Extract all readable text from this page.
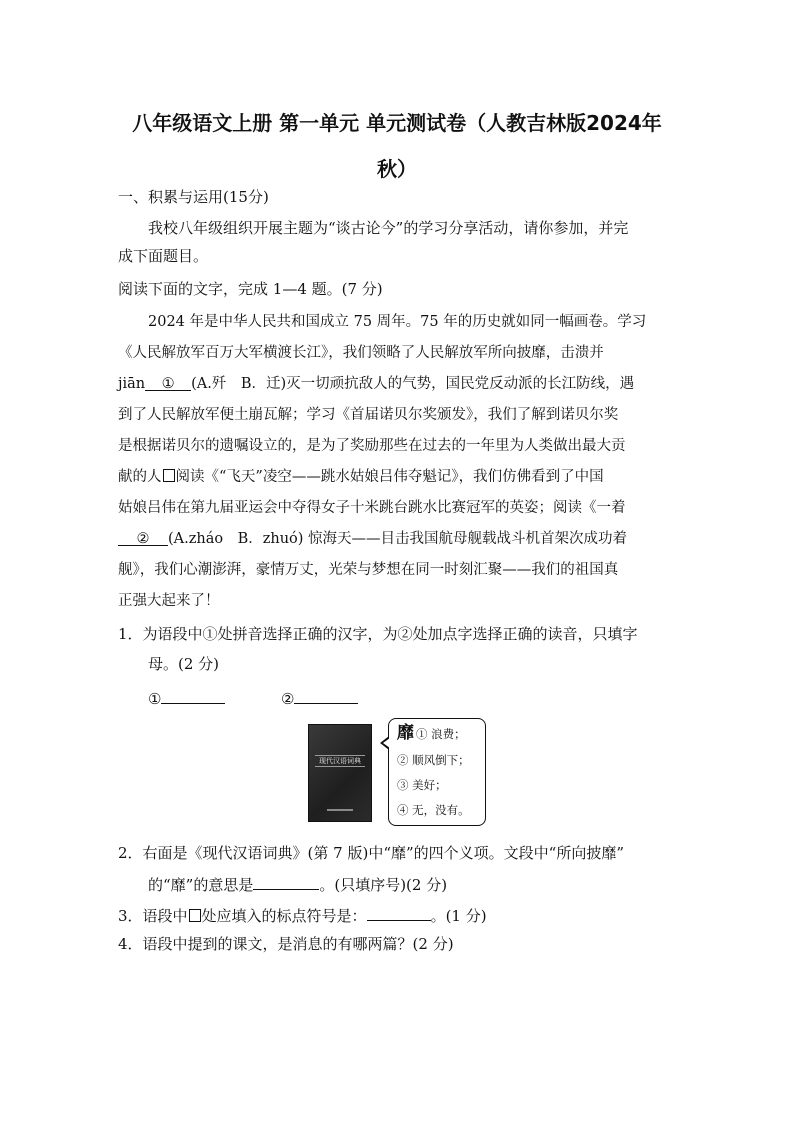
八年级语文上册 第一单元 单元测试卷（人教吉林版2024年
秋）
一、积累与运用(15分)
我校八年级组织开展主题为“谈古论今”的学习分享活动，请你参加，并完
成下面题目。
阅读下面的文字，完成 1—4 题。(7 分)
2024 年是中华人民共和国成立 75 周年。75 年的历史就如同一幅画卷。学习
《人民解放军百万大军横渡长江》，我们领略了人民解放军所向披靡，击溃并
jiān ① (A.歼　B．迁)灭一切顽抗敌人的气势，国民党反动派的长江防线，遇
到了人民解放军便土崩瓦解；学习《首届诺贝尔奖颁发》，我们了解到诺贝尔奖
是根据诺贝尔的遗嘱设立的，是为了奖励那些在过去的一年里为人类做出最大贡
献的人 阅读《“飞天”凌空——跳水姑娘吕伟夺魁记》，我们仿佛看到了中国
姑娘吕伟在第九届亚运会中夺得女子十米跳台跳水比赛冠军的英姿；阅读《一着
② (A.zháo　B．zhuó) 惊海天——目击我国航母舰载战斗机首架次成功着
舰》，我们心潮澎湃，豪情万丈，光荣与梦想在同一时刻汇聚——我们的祖国真
正强大起来了！
1．为语段中①处拼音选择正确的汉字，为②处加点字选择正确的读音，只填字
母。(2 分)
①	②
现代汉语词典
靡 ① 浪费；
② 顺风倒下；
③ 美好；
④ 无，没有。
2．右面是《现代汉语词典》(第 7 版)中“靡”的四个义项。文段中“所向披靡”
的“靡”的意思是	。(只填序号)(2 分)
3．语段中 处应填入的标点符号是：	。(1 分)
4．语段中提到的课文，是消息的有哪两篇？(2 分)
